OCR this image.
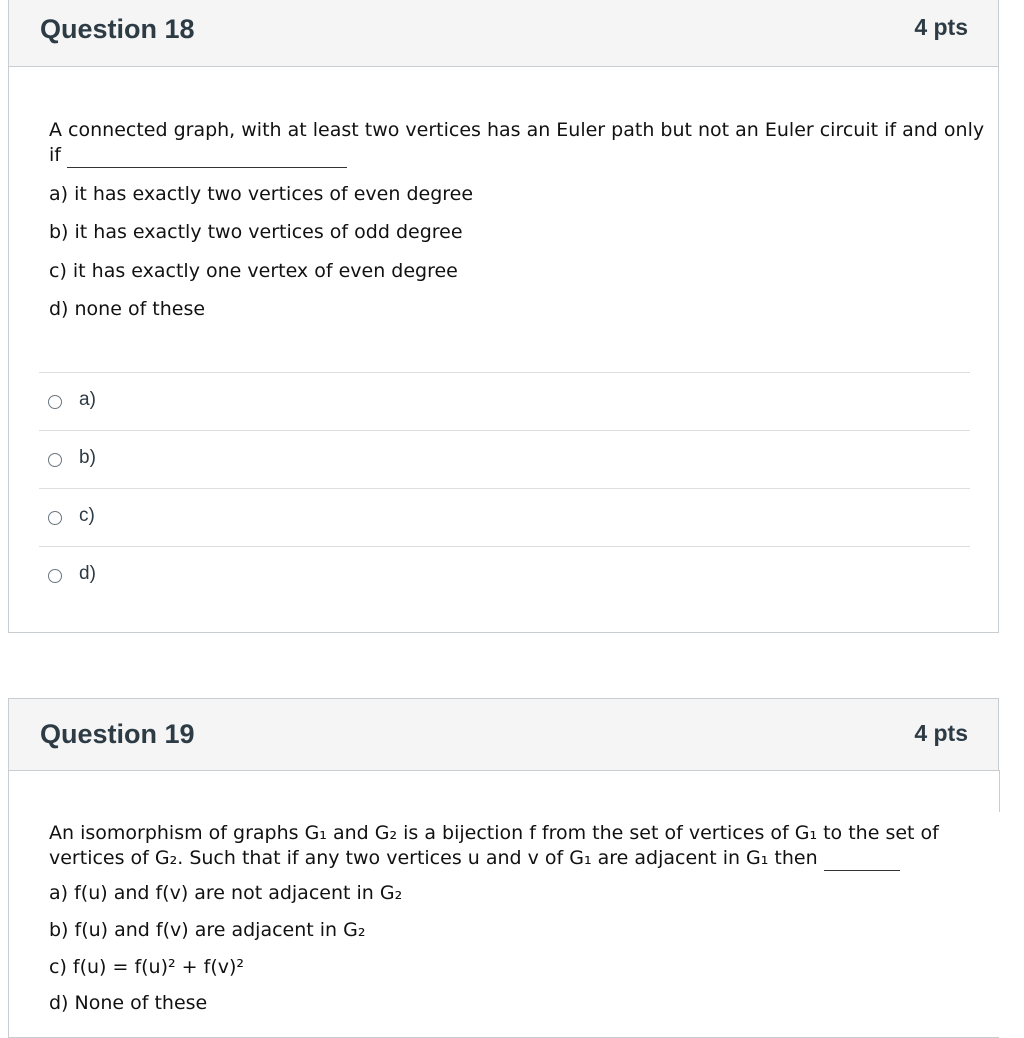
Question 18	4 pts
A connected graph, with at least two vertices has an Euler path but not an Euler circuit if and only if
a) it has exactly two vertices of even degree
b) it has exactly two vertices of odd degree
c) it has exactly one vertex of even degree
d) none of these
a)
b)
c)
d)
Question 19	4 pts
An isomorphism of graphs G₁ and G₂ is a bijection f from the set of vertices of G₁ to the set of vertices of G₂. Such that if any two vertices u and v of G₁ are adjacent in G₁ then
a) f(u) and f(v) are not adjacent in G₂
b) f(u) and f(v) are adjacent in G₂
c) f(u) = f(u)² + f(v)²
d) None of these
